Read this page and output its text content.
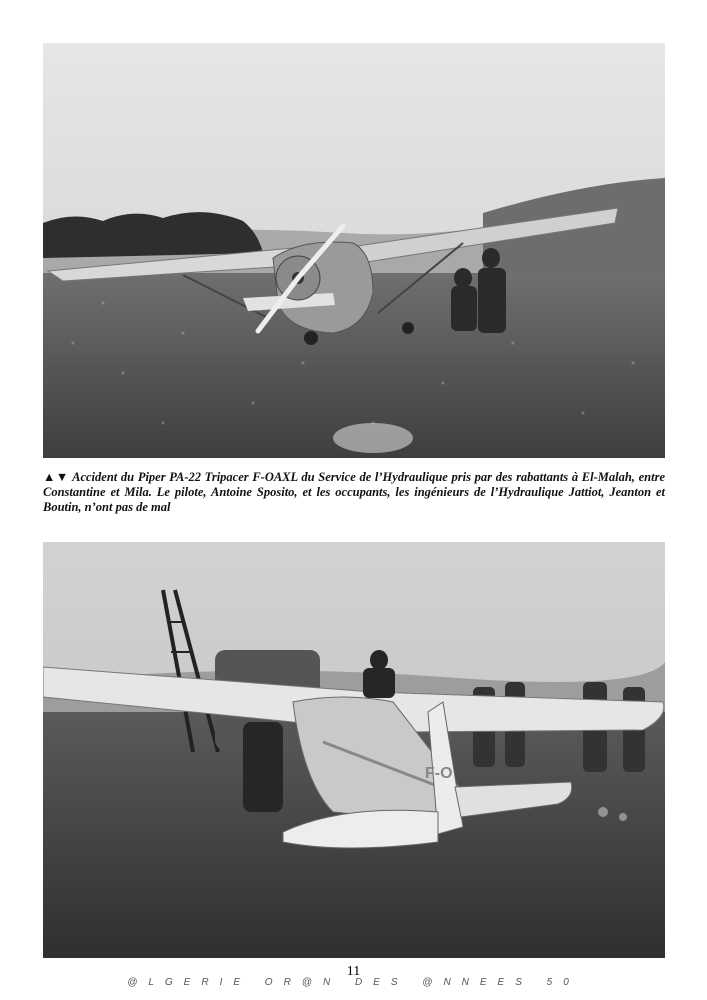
▲▼ Accident du Piper PA-22 Tripacer F-OAXL du Service de l’Hydraulique pris par des rabattants à El-Malah, entre Constantine et Mila. Le pilote, Antoine Sposito, et les occupants, les ingénieurs de l’Hydraulique Jattiot, Jeanton et Boutin, n’ont pas de mal
F-O
11
@LGERIE OR@N DES @NNEES 50
